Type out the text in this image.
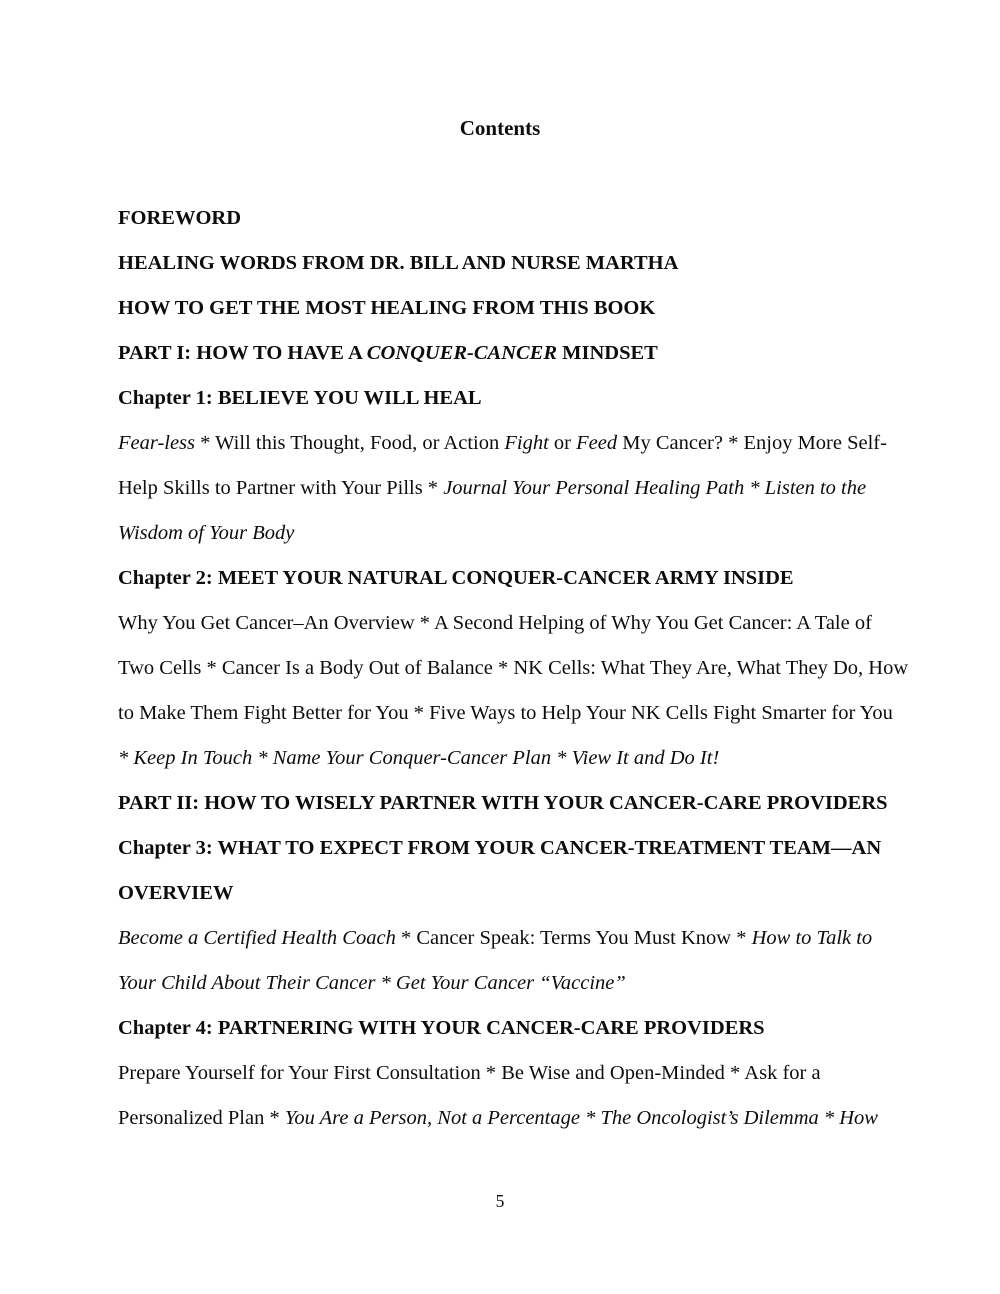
Contents

FOREWORD

HEALING WORDS FROM DR. BILL AND NURSE MARTHA

HOW TO GET THE MOST HEALING FROM THIS BOOK

PART I: HOW TO HAVE A CONQUER-CANCER MINDSET

Chapter 1: BELIEVE YOU WILL HEAL

Fear-less * Will this Thought, Food, or Action Fight or Feed My Cancer? * Enjoy More Self-

Help Skills to Partner with Your Pills * Journal Your Personal Healing Path * Listen to the

Wisdom of Your Body

Chapter 2: MEET YOUR NATURAL CONQUER-CANCER ARMY INSIDE

Why You Get Cancer–An Overview * A Second Helping of Why You Get Cancer: A Tale of

Two Cells * Cancer Is a Body Out of Balance * NK Cells: What They Are, What They Do, How

to Make Them Fight Better for You * Five Ways to Help Your NK Cells Fight Smarter for You

* Keep In Touch * Name Your Conquer-Cancer Plan * View It and Do It!

PART II: HOW TO WISELY PARTNER WITH YOUR CANCER-CARE PROVIDERS

Chapter 3: WHAT TO EXPECT FROM YOUR CANCER-TREATMENT TEAM—AN

OVERVIEW

Become a Certified Health Coach * Cancer Speak: Terms You Must Know * How to Talk to

Your Child About Their Cancer * Get Your Cancer “Vaccine”

Chapter 4: PARTNERING WITH YOUR CANCER-CARE PROVIDERS

Prepare Yourself for Your First Consultation * Be Wise and Open-Minded * Ask for a

Personalized Plan * You Are a Person, Not a Percentage * The Oncologist’s Dilemma * How

5
